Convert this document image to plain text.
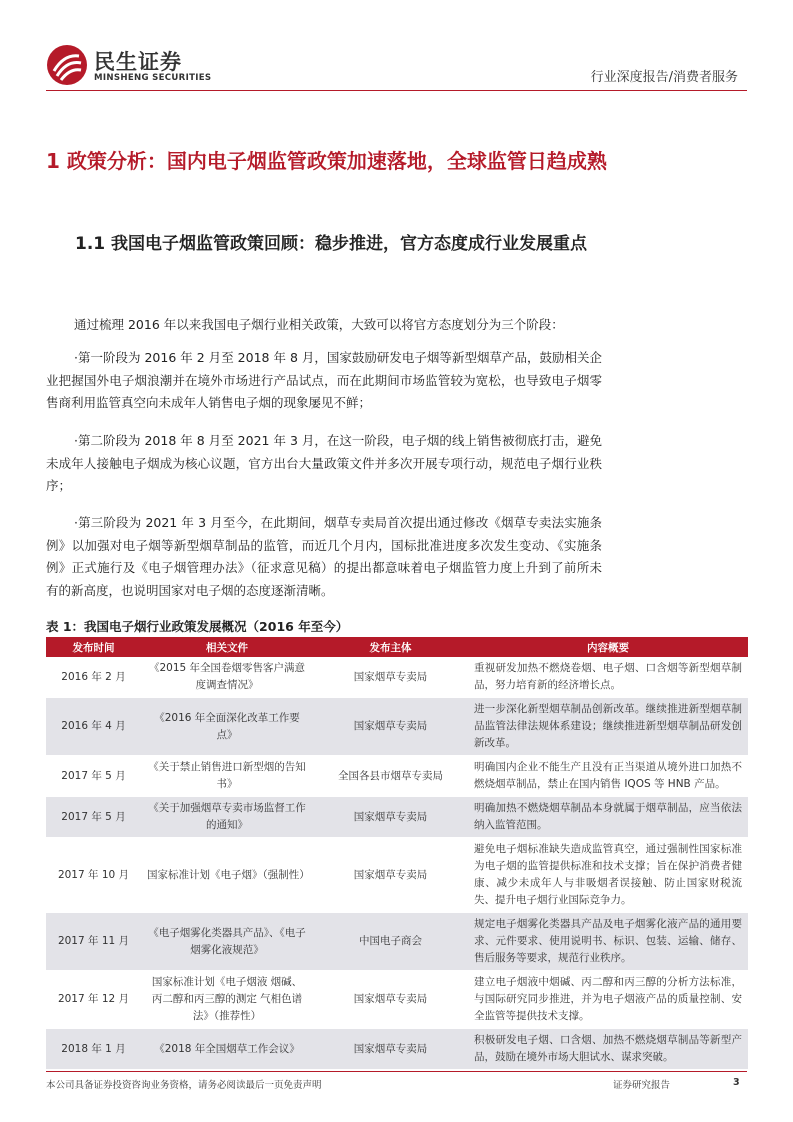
民生证券
MINSHENG SECURITIES	行业深度报告/消费者服务
1 政策分析：国内电子烟监管政策加速落地，全球监管日趋成熟
1.1 我国电子烟监管政策回顾：稳步推进，官方态度成行业发展重点

通过梳理 2016 年以来我国电子烟行业相关政策，大致可以将官方态度划分为三个阶段：

·第一阶段为 2016 年 2 月至 2018 年 8 月，国家鼓励研发电子烟等新型烟草产品，鼓励相关企业把握国外电子烟浪潮并在境外市场进行产品试点，而在此期间市场监管较为宽松，也导致电子烟零售商利用监管真空向未成年人销售电子烟的现象屡见不鲜；

·第二阶段为 2018 年 8 月至 2021 年 3 月，在这一阶段，电子烟的线上销售被彻底打击，避免未成年人接触电子烟成为核心议题，官方出台大量政策文件并多次开展专项行动，规范电子烟行业秩序；

·第三阶段为 2021 年 3 月至今，在此期间，烟草专卖局首次提出通过修改《烟草专卖法实施条例》以加强对电子烟等新型烟草制品的监管，而近几个月内，国标批准进度多次发生变动、《实施条例》正式施行及《电子烟管理办法》（征求意见稿）的提出都意味着电子烟监管力度上升到了前所未有的新高度，也说明国家对电子烟的态度逐渐清晰。

表 1：我国电子烟行业政策发展概况（2016 年至今）
发布时间	相关文件	发布主体	内容概要
2016 年 2 月	《2015 年全国卷烟零售客户满意度调查情况》	国家烟草专卖局	重视研发加热不燃烧卷烟、电子烟、口含烟等新型烟草制品，努力培育新的经济增长点。
2016 年 4 月	《2016 年全面深化改革工作要点》	国家烟草专卖局	进一步深化新型烟草制品创新改革。继续推进新型烟草制品监管法律法规体系建设；继续推进新型烟草制品研发创新改革。
2017 年 5 月	《关于禁止销售进口新型烟的告知书》	全国各县市烟草专卖局	明确国内企业不能生产且没有正当渠道从境外进口加热不燃烧烟草制品，禁止在国内销售 IQOS 等 HNB 产品。
2017 年 5 月	《关于加强烟草专卖市场监督工作的通知》	国家烟草专卖局	明确加热不燃烧烟草制品本身就属于烟草制品，应当依法纳入监管范围。
2017 年 10 月	国家标准计划《电子烟》（强制性）	国家烟草专卖局	避免电子烟标准缺失造成监管真空，通过强制性国家标准为电子烟的监管提供标准和技术支撑；旨在保护消费者健康、减少未成年人与非吸烟者误接触、防止国家财税流失、提升电子烟行业国际竞争力。
2017 年 11 月	《电子烟雾化类器具产品》、《电子烟雾化液规范》	中国电子商会	规定电子烟雾化类器具产品及电子烟雾化液产品的通用要求、元件要求、使用说明书、标识、包装、运输、储存、售后服务等要求，规范行业秩序。
2017 年 12 月	国家标准计划《电子烟液 烟碱、丙二醇和丙三醇的测定 气相色谱法》（推荐性）	国家烟草专卖局	建立电子烟液中烟碱、丙二醇和丙三醇的分析方法标准，与国际研究同步推进，并为电子烟液产品的质量控制、安全监管等提供技术支撑。
2018 年 1 月	《2018 年全国烟草工作会议》	国家烟草专卖局	积极研发电子烟、口含烟、加热不燃烧烟草制品等新型产品，鼓励在境外市场大胆试水、谋求突破。
本公司具备证券投资咨询业务资格，请务必阅读最后一页免责声明	证券研究报告	3
